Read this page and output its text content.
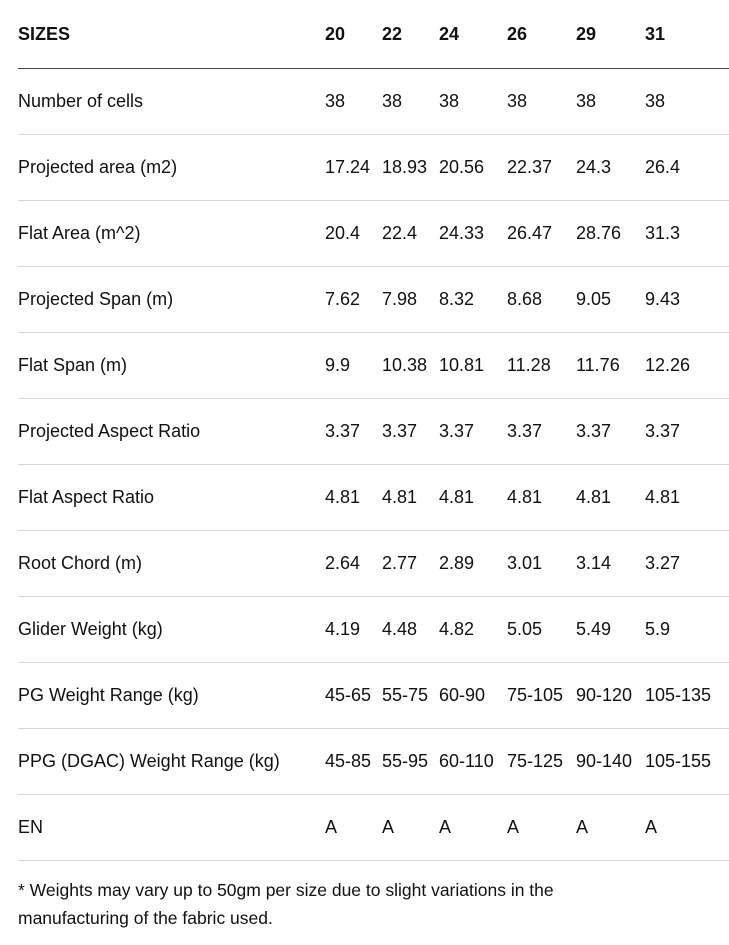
SIZES	20	22	24	26	29	31
Number of cells	38	38	38	38	38	38
Projected area (m2)	17.24	18.93	20.56	22.37	24.3	26.4
Flat Area (m^2)	20.4	22.4	24.33	26.47	28.76	31.3
Projected Span (m)	7.62	7.98	8.32	8.68	9.05	9.43
Flat Span (m)	9.9	10.38	10.81	11.28	11.76	12.26
Projected Aspect Ratio	3.37	3.37	3.37	3.37	3.37	3.37
Flat Aspect Ratio	4.81	4.81	4.81	4.81	4.81	4.81
Root Chord (m)	2.64	2.77	2.89	3.01	3.14	3.27
Glider Weight (kg)	4.19	4.48	4.82	5.05	5.49	5.9
PG Weight Range (kg)	45-65	55-75	60-90	75-105	90-120	105-135
PPG (DGAC) Weight Range (kg)	45-85	55-95	60-110	75-125	90-140	105-155
EN	A	A	A	A	A	A
* Weights may vary up to 50gm per size due to slight variations in the manufacturing of the fabric used.
